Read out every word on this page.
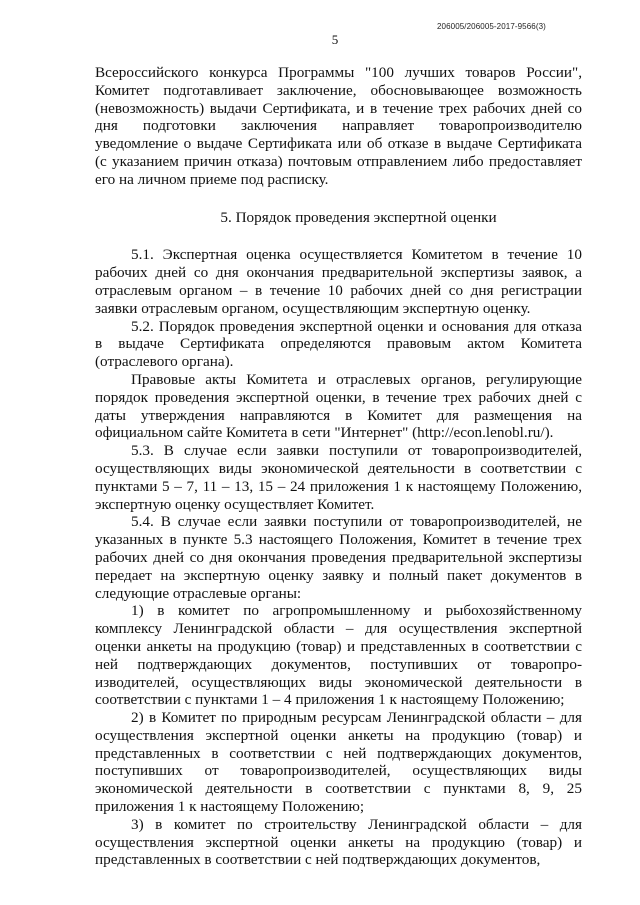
206005/206005-2017-9566(3)
5

Всероссийского конкурса Программы "100 лучших товаров России", Комитет подготавливает заключение, обосновывающее возможность (невозможность) выдачи Сертификата, и в течение трех рабочих дней со дня подготовки заключения направляет товаропроизводителю уведомление о выдаче Сертификата или об отказе в выдаче Сертификата (с указанием причин отказа) почтовым отправлением либо предоставляет его на личном приеме под расписку.

5. Порядок проведения экспертной оценки

5.1. Экспертная оценка осуществляется Комитетом в течение 10 рабочих дней со дня окончания предварительной экспертизы заявок, а отраслевым органом – в течение 10 рабочих дней со дня регистрации заявки отраслевым органом, осуществляющим экспертную оценку.

5.2. Порядок проведения экспертной оценки и основания для отказа в выдаче Сертификата определяются правовым актом Комитета (отраслевого органа).

Правовые акты Комитета и отраслевых органов, регулирующие порядок проведения экспертной оценки, в течение трех рабочих дней с даты утверждения направляются в Комитет для размещения на официальном сайте Комитета в сети "Интернет" (http://econ.lenobl.ru/).

5.3. В случае если заявки поступили от товаропроизводителей, осуществляющих виды экономической деятельности в соответствии с пунктами 5 – 7, 11 – 13, 15 – 24 приложения 1 к настоящему Положению, экспертную оценку осуществляет Комитет.

5.4. В случае если заявки поступили от товаропроизводителей, не указанных в пункте 5.3 настоящего Положения, Комитет в течение трех рабочих дней со дня окончания проведения предварительной экспертизы передает на экспертную оценку заявку и полный пакет документов в следующие отраслевые органы:

1) в комитет по агропромышленному и рыбохозяйственному комплексу Ленинградской области – для осуществления экспертной оценки анкеты на продукцию (товар) и представленных в соответствии с ней подтверждающих документов, поступивших от товаропро- изводителей, осуществляющих виды экономической деятельности в соответствии с пунктами 1 – 4 приложения 1 к настоящему Положению;

2) в Комитет по природным ресурсам Ленинградской области – для осуществления экспертной оценки анкеты на продукцию (товар) и представленных в соответствии с ней подтверждающих документов, поступивших от товаропроизводителей, осуществляющих виды экономической деятельности в соответствии с пунктами 8, 9, 25 приложения 1 к настоящему Положению;

3) в комитет по строительству Ленинградской области – для осуществления экспертной оценки анкеты на продукцию (товар) и представленных в соответствии с ней подтверждающих документов,
